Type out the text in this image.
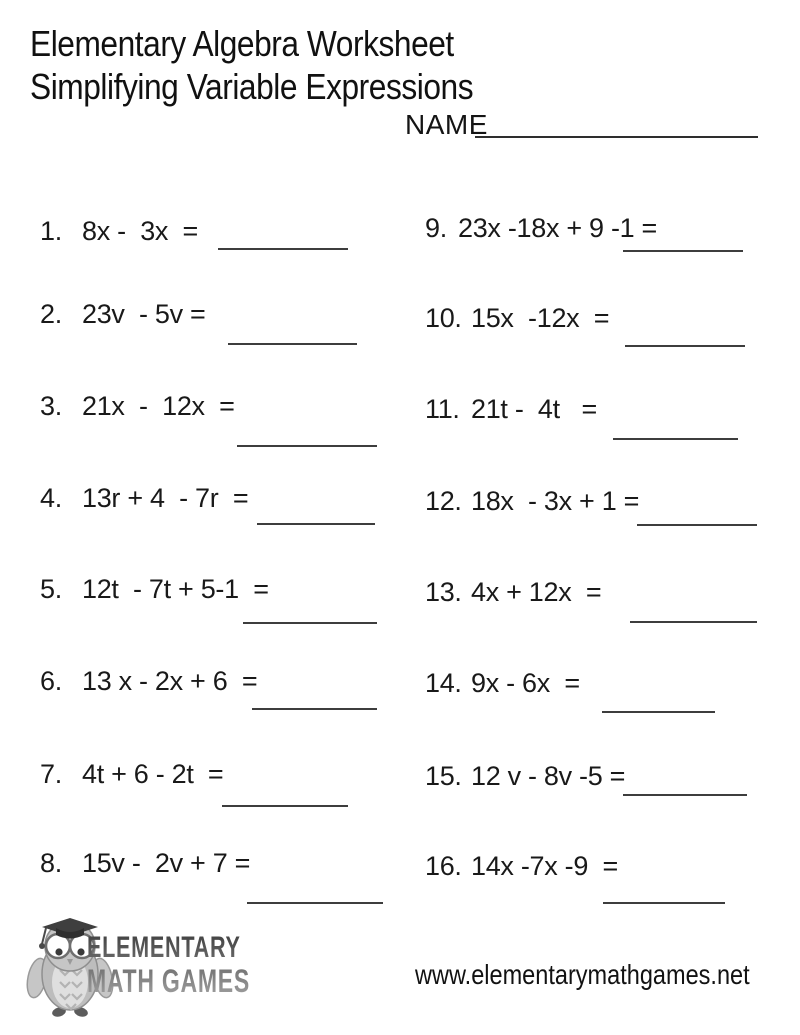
Elementary Algebra Worksheet
Simplifying Variable Expressions
NAME
1. 8x -  3x  =
2. 23v  - 5v =
3. 21x  -  12x  =
4. 13r + 4  - 7r  =
5. 12t  - 7t + 5-1  =
6. 13 x - 2x + 6  =
7. 4t + 6 - 2t  =
8. 15v -  2v + 7 =
9. 23x -18x + 9 -1 =
10. 15x  -12x  =
11. 21t -  4t   =
12. 18x  - 3x + 1 =
13. 4x + 12x  =
14. 9x - 6x  =
15. 12 v - 8v -5 =
16. 14x -7x -9  =
ELEMENTARY
MATH GAMES	www.elementarymathgames.net
